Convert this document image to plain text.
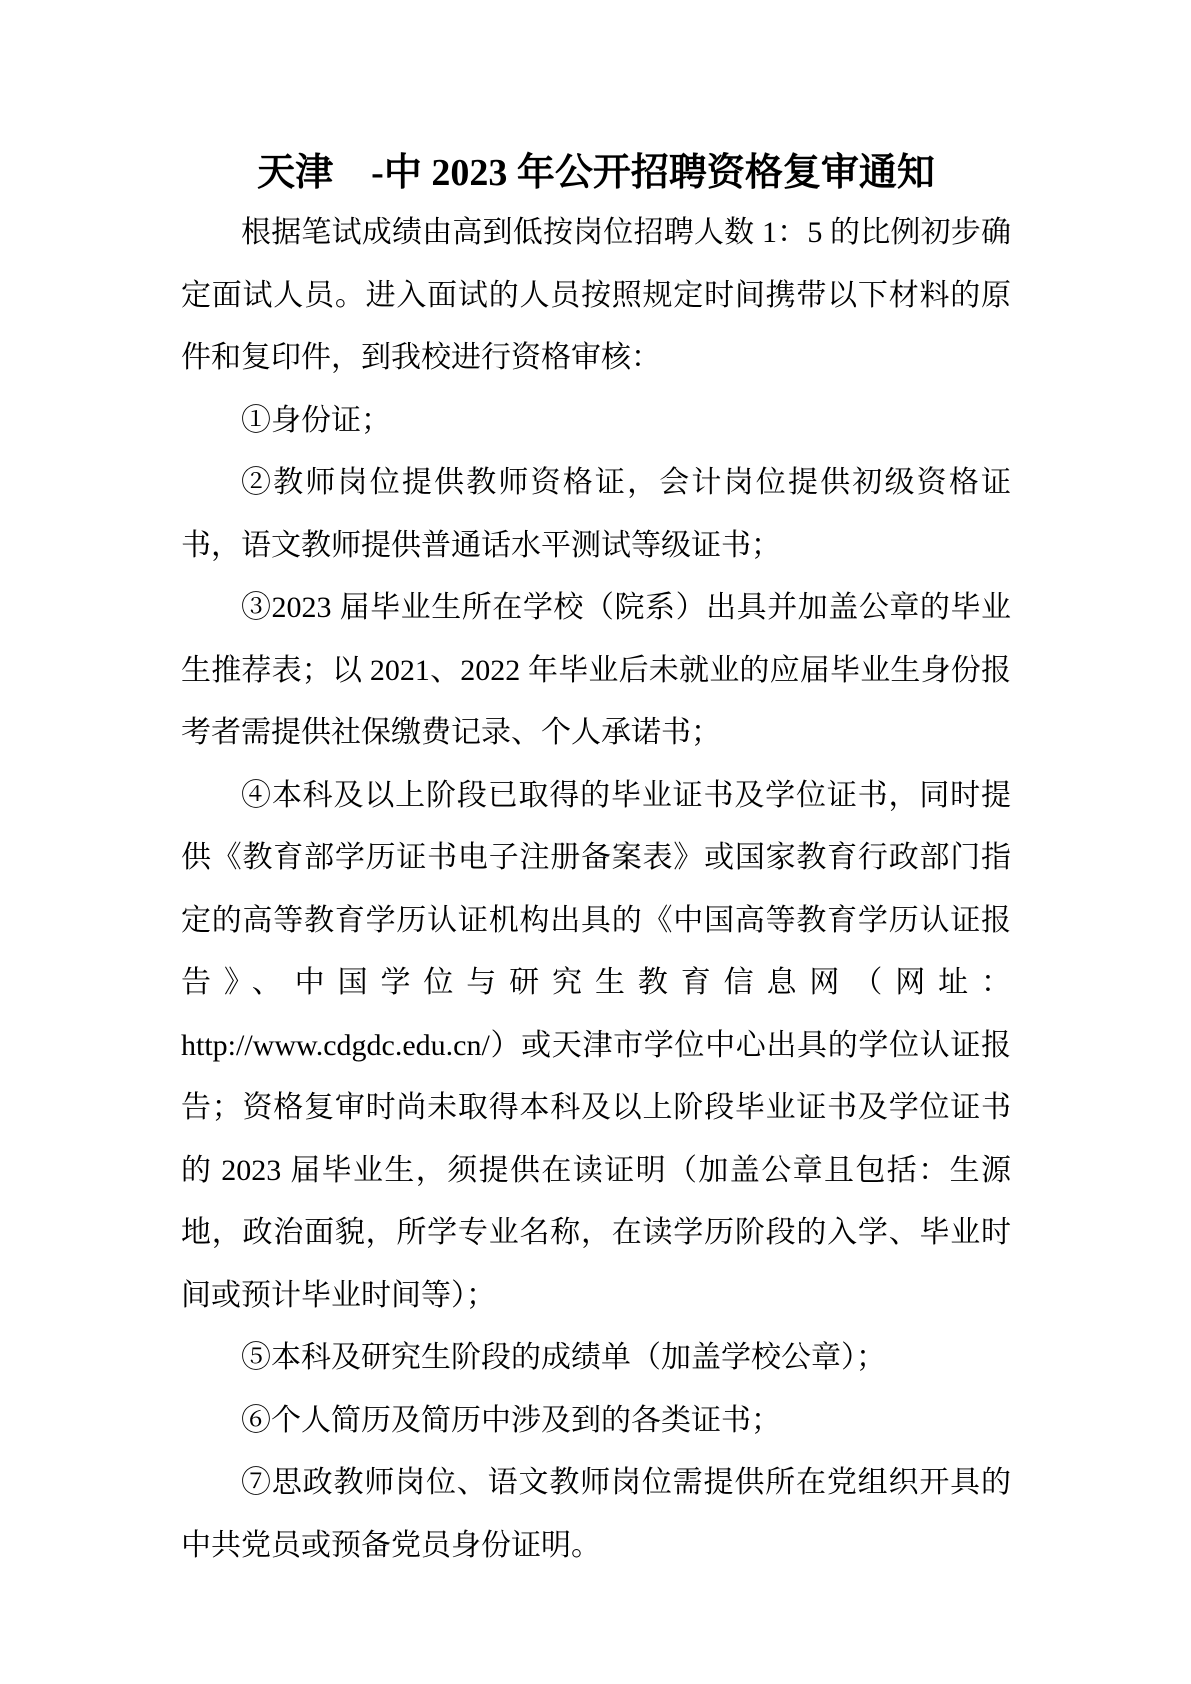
天津　-中 2023 年公开招聘资格复审通知

根据笔试成绩由高到低按岗位招聘人数 1：5 的比例初步确定面试人员。进入面试的人员按照规定时间携带以下材料的原件和复印件，到我校进行资格审核：

①身份证；

②教师岗位提供教师资格证，会计岗位提供初级资格证书，语文教师提供普通话水平测试等级证书；

③2023 届毕业生所在学校（院系）出具并加盖公章的毕业生推荐表；以 2021、2022 年毕业后未就业的应届毕业生身份报考者需提供社保缴费记录、个人承诺书；

④本科及以上阶段已取得的毕业证书及学位证书，同时提供《教育部学历证书电子注册备案表》或国家教育行政部门指定的高等教育学历认证机构出具的《中国高等教育学历认证报告》、中国学位与研究生教育信息网（网址：http://www.cdgdc.edu.cn/）或天津市学位中心出具的学位认证报告；资格复审时尚未取得本科及以上阶段毕业证书及学位证书的 2023 届毕业生，须提供在读证明（加盖公章且包括：生源地，政治面貌，所学专业名称，在读学历阶段的入学、毕业时间或预计毕业时间等）；

⑤本科及研究生阶段的成绩单（加盖学校公章）；

⑥个人简历及简历中涉及到的各类证书；

⑦思政教师岗位、语文教师岗位需提供所在党组织开具的中共党员或预备党员身份证明。
